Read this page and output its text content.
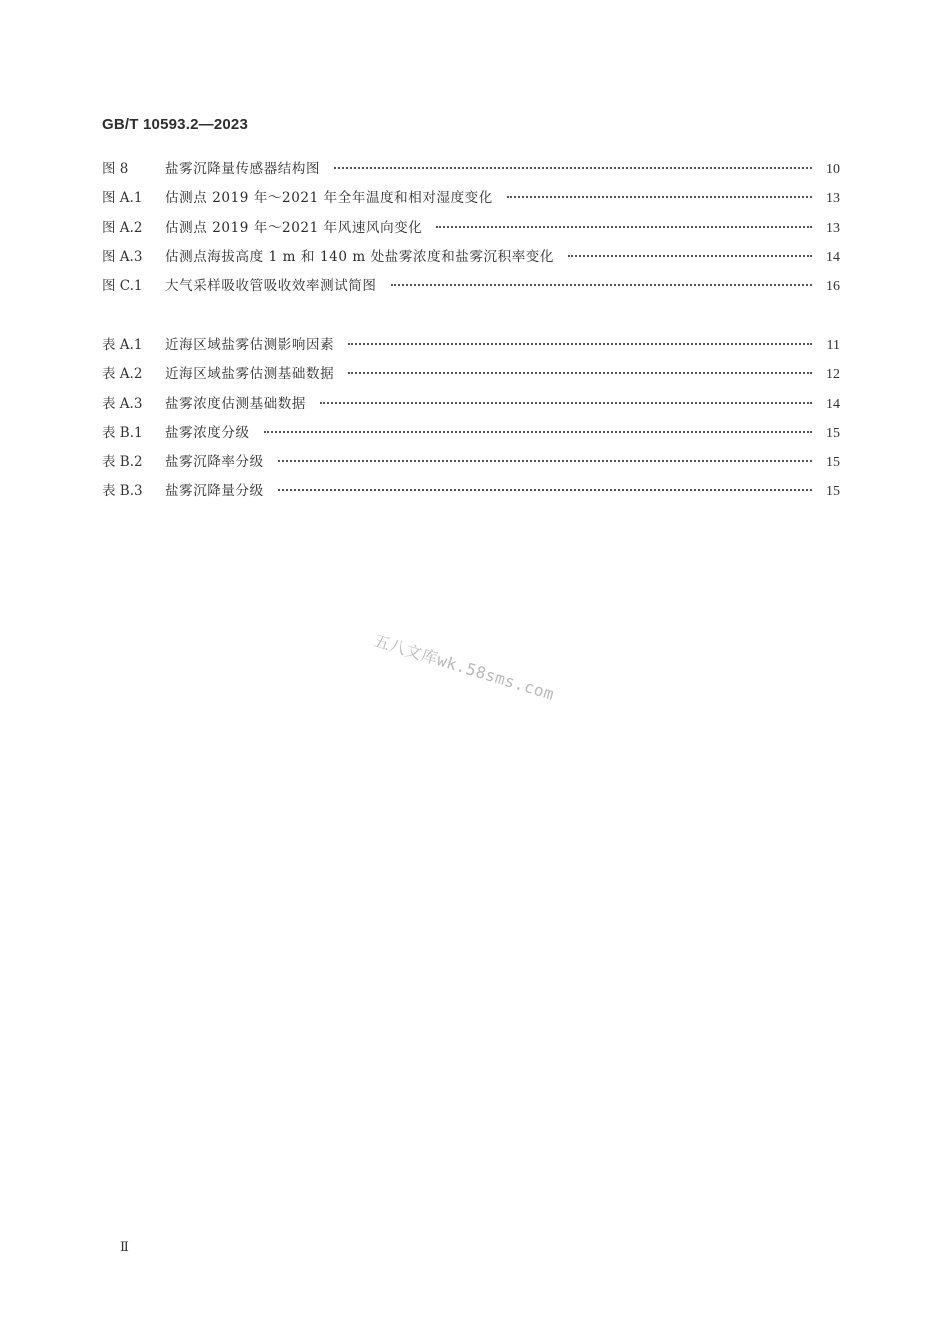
GB/T 10593.2—2023
图 8	盐雾沉降量传感器结构图	10
图 A.1	估测点 2019 年～2021 年全年温度和相对湿度变化	13
图 A.2	估测点 2019 年～2021 年风速风向变化	13
图 A.3	估测点海拔高度 1 m 和 140 m 处盐雾浓度和盐雾沉积率变化	14
图 C.1	大气采样吸收管吸收效率测试简图	16
表 A.1	近海区域盐雾估测影响因素	11
表 A.2	近海区域盐雾估测基础数据	12
表 A.3	盐雾浓度估测基础数据	14
表 B.1	盐雾浓度分级	15
表 B.2	盐雾沉降率分级	15
表 B.3	盐雾沉降量分级	15
五八文库wk.58sms.com
Ⅱ
